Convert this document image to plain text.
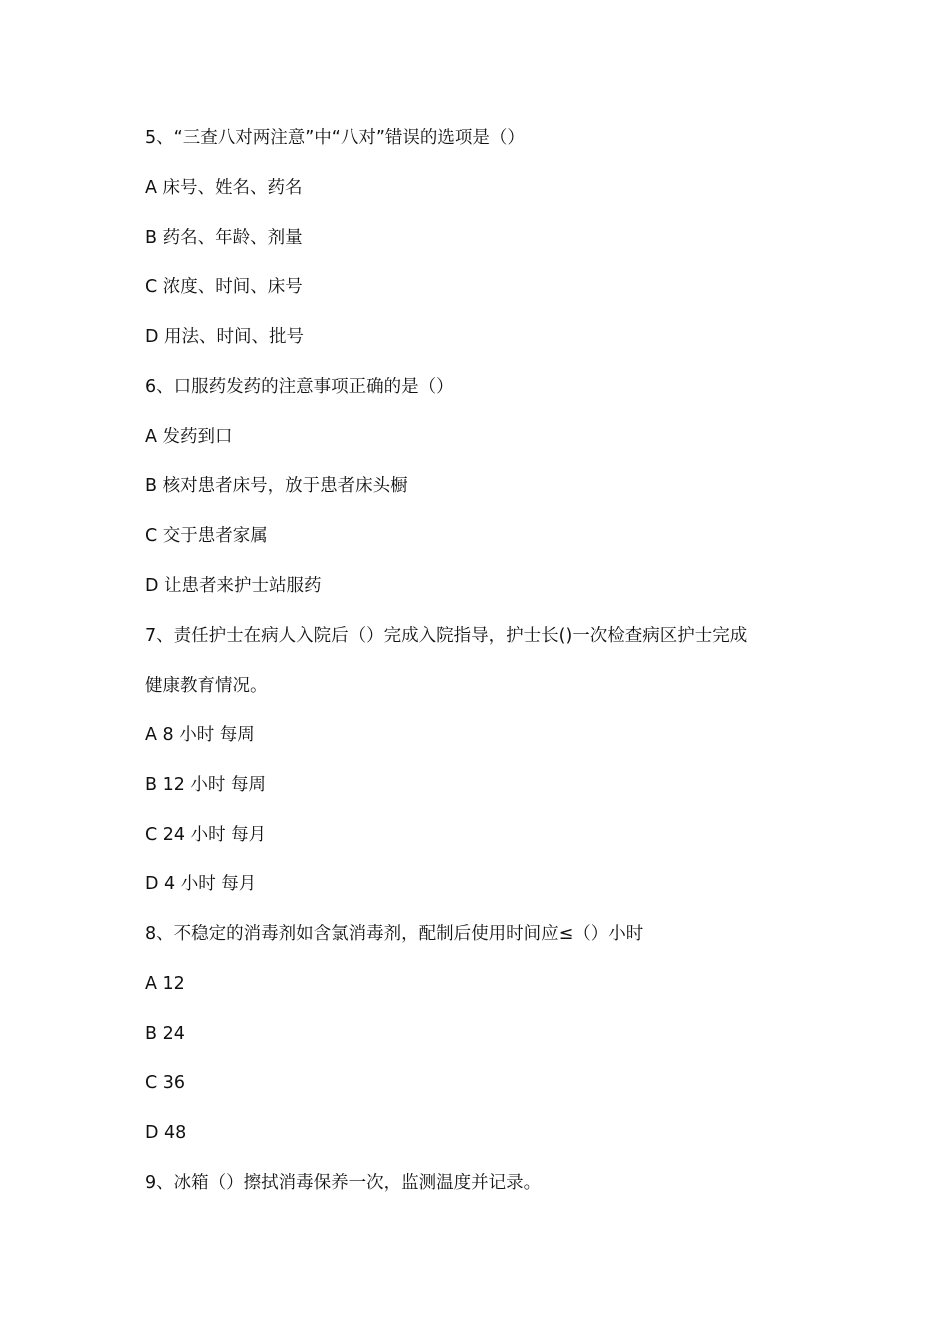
5、“三查八对两注意”中“八对”错误的选项是（）
A 床号、姓名、药名
B 药名、年龄、剂量
C 浓度、时间、床号
D 用法、时间、批号
6、口服药发药的注意事项正确的是（）
A 发药到口
B 核对患者床号，放于患者床头橱
C 交于患者家属
D 让患者来护士站服药
7、责任护士在病人入院后（）完成入院指导，护士长()一次检查病区护士完成
健康教育情况。
A 8 小时 每周
B 12 小时 每周
C 24 小时 每月
D 4 小时 每月
8、不稳定的消毒剂如含氯消毒剂，配制后使用时间应≤（）小时
A 12
B 24
C 36
D 48
9、冰箱（）擦拭消毒保养一次，监测温度并记录。
